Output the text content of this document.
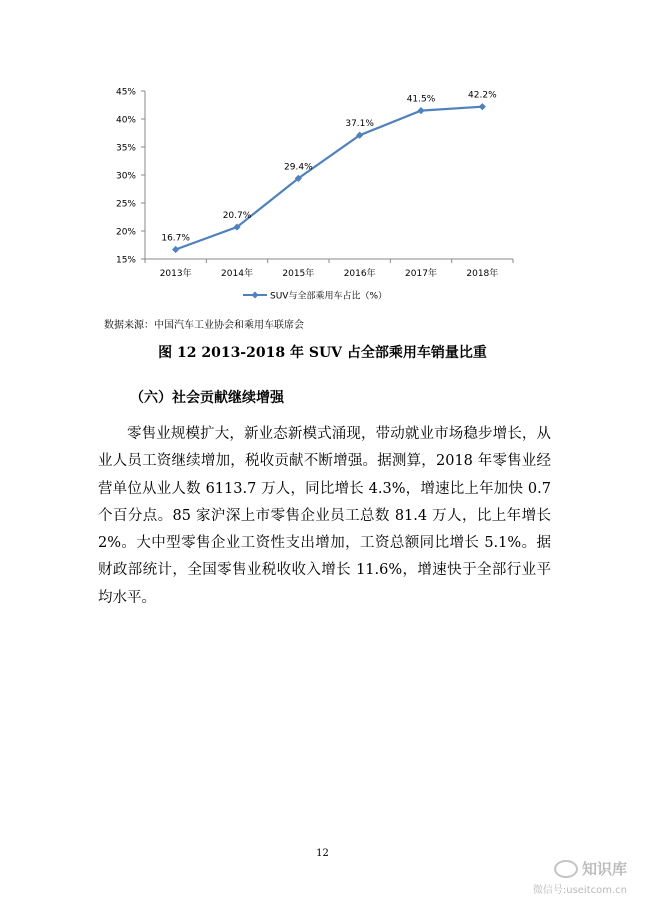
15%
20%
25%
30%
35%
40%
45%
2013年	2014年	2015年	2016年	2017年	2018年
16.7%
20.7%
29.4%
37.1%
41.5%	42.2%
SUV与全部乘用车占比（%）
数据来源：中国汽车工业协会和乘用车联席会
图 12 2013-2018 年 SUV 占全部乘用车销量比重
（六）社会贡献继续增强
零售业规模扩大，新业态新模式涌现，带动就业市场稳步增长，从业人员工资继续增加，税收贡献不断增强。据测算，2018 年零售业经营单位从业人数 6113.7 万人，同比增长 4.3%，增速比上年加快 0.7 个百分点。85 家沪深上市零售企业员工总数 81.4 万人，比上年增长 2%。大中型零售企业工资性支出增加，工资总额同比增长 5.1%。据财政部统计，全国零售业税收收入增长 11.6%，增速快于全部行业平均水平。
12
知识库
微信号:useitcom.cn
